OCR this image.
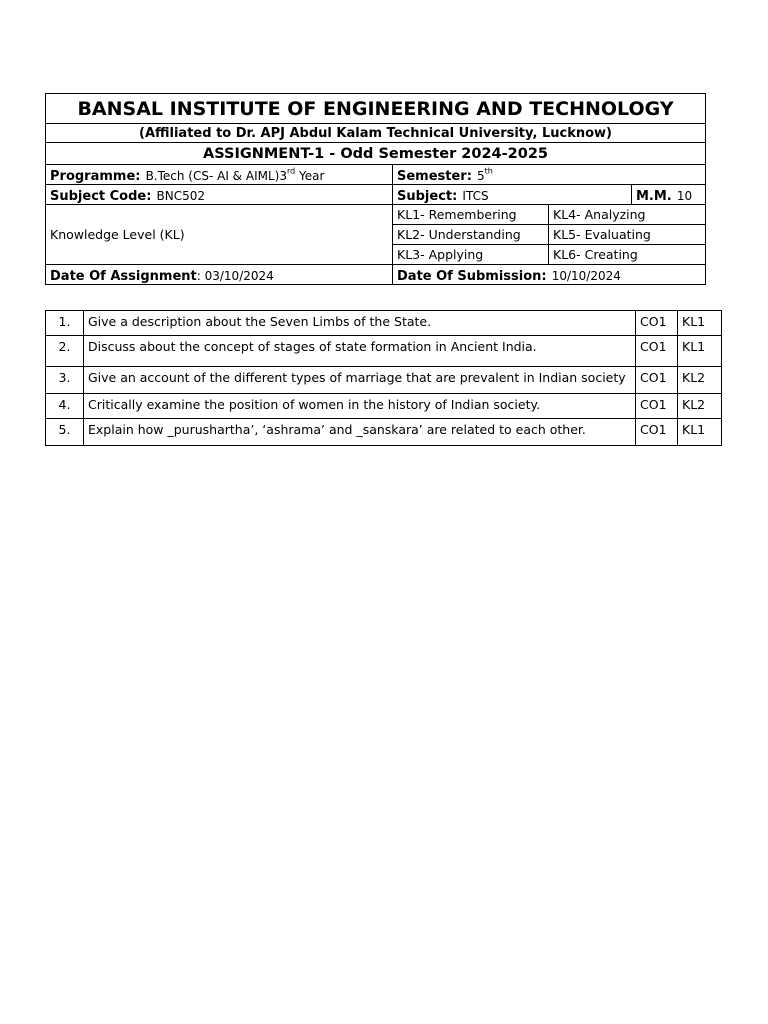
BANSAL INSTITUTE OF ENGINEERING AND TECHNOLOGY			
(Affiliated to Dr. APJ Abdul Kalam Technical University, Lucknow)			
ASSIGNMENT-1 - Odd Semester 2024-2025			
Programme: B.Tech (CS- AI & AIML)3rd Year	Semester: 5th
Subject Code: BNC502	Subject: ITCS		M.M. 10
Knowledge Level (KL)	KL1- Remembering	KL4- Analyzing	
	KL2- Understanding	KL5- Evaluating	
	KL3- Applying	KL6- Creating	
Date Of Assignment: 03/10/2024	Date Of Submission: 10/10/2024		
1.	Give a description about the Seven Limbs of the State.	CO1	KL1
2.	Discuss about the concept of stages of state formation in Ancient India.	CO1	KL1
3.	Give an account of the different types of marriage that are prevalent in Indian society	CO1	KL2
4.	Critically examine the position of women in the history of Indian society.	CO1	KL2
5.	Explain how _purushartha’, ‘ashrama’ and _sanskara’ are related to each other.	CO1	KL1
